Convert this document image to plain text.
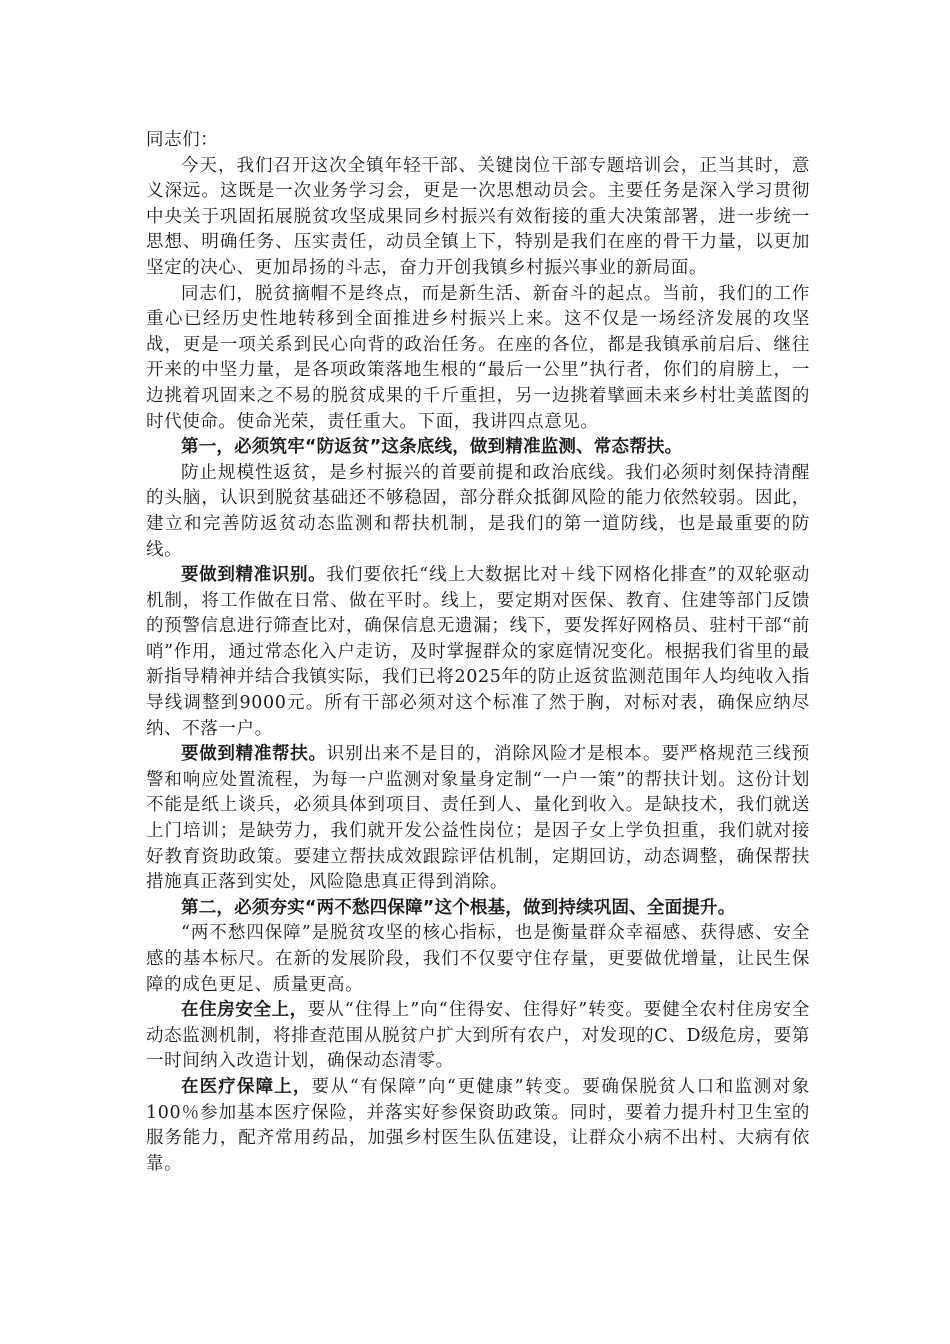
同志们：

今天，我们召开这次全镇年轻干部、关键岗位干部专题培训会，正当其时，意义深远。这既是一次业务学习会，更是一次思想动员会。主要任务是深入学习贯彻中央关于巩固拓展脱贫攻坚成果同乡村振兴有效衔接的重大决策部署，进一步统一思想、明确任务、压实责任，动员全镇上下，特别是我们在座的骨干力量，以更加坚定的决心、更加昂扬的斗志，奋力开创我镇乡村振兴事业的新局面。

同志们，脱贫摘帽不是终点，而是新生活、新奋斗的起点。当前，我们的工作重心已经历史性地转移到全面推进乡村振兴上来。这不仅是一场经济发展的攻坚战，更是一项关系到民心向背的政治任务。在座的各位，都是我镇承前启后、继往开来的中坚力量，是各项政策落地生根的“最后一公里”执行者，你们的肩膀上，一边挑着巩固来之不易的脱贫成果的千斤重担，另一边挑着擘画未来乡村壮美蓝图的时代使命。使命光荣，责任重大。下面，我讲四点意见。

第一，必须筑牢“防返贫”这条底线，做到精准监测、常态帮扶。

防止规模性返贫，是乡村振兴的首要前提和政治底线。我们必须时刻保持清醒的头脑，认识到脱贫基础还不够稳固，部分群众抵御风险的能力依然较弱。因此，建立和完善防返贫动态监测和帮扶机制，是我们的第一道防线，也是最重要的防线。

要做到精准识别。我们要依托“线上大数据比对＋线下网格化排查”的双轮驱动机制，将工作做在日常、做在平时。线上，要定期对医保、教育、住建等部门反馈的预警信息进行筛查比对，确保信息无遗漏；线下，要发挥好网格员、驻村干部“前哨”作用，通过常态化入户走访，及时掌握群众的家庭情况变化。根据我们省里的最新指导精神并结合我镇实际，我们已将2025年的防止返贫监测范围年人均纯收入指导线调整到9000元。所有干部必须对这个标准了然于胸，对标对表，确保应纳尽纳、不落一户。

要做到精准帮扶。识别出来不是目的，消除风险才是根本。要严格规范三线预警和响应处置流程，为每一户监测对象量身定制“一户一策”的帮扶计划。这份计划不能是纸上谈兵，必须具体到项目、责任到人、量化到收入。是缺技术，我们就送上门培训；是缺劳力，我们就开发公益性岗位；是因子女上学负担重，我们就对接好教育资助政策。要建立帮扶成效跟踪评估机制，定期回访，动态调整，确保帮扶措施真正落到实处，风险隐患真正得到消除。

第二，必须夯实“两不愁四保障”这个根基，做到持续巩固、全面提升。

“两不愁四保障”是脱贫攻坚的核心指标，也是衡量群众幸福感、获得感、安全感的基本标尺。在新的发展阶段，我们不仅要守住存量，更要做优增量，让民生保障的成色更足、质量更高。

在住房安全上，要从“住得上”向“住得安、住得好”转变。要健全农村住房安全动态监测机制，将排查范围从脱贫户扩大到所有农户，对发现的C、D级危房，要第一时间纳入改造计划，确保动态清零。

在医疗保障上，要从“有保障”向“更健康”转变。要确保脱贫人口和监测对象100％参加基本医疗保险，并落实好参保资助政策。同时，要着力提升村卫生室的服务能力，配齐常用药品，加强乡村医生队伍建设，让群众小病不出村、大病有依靠。
